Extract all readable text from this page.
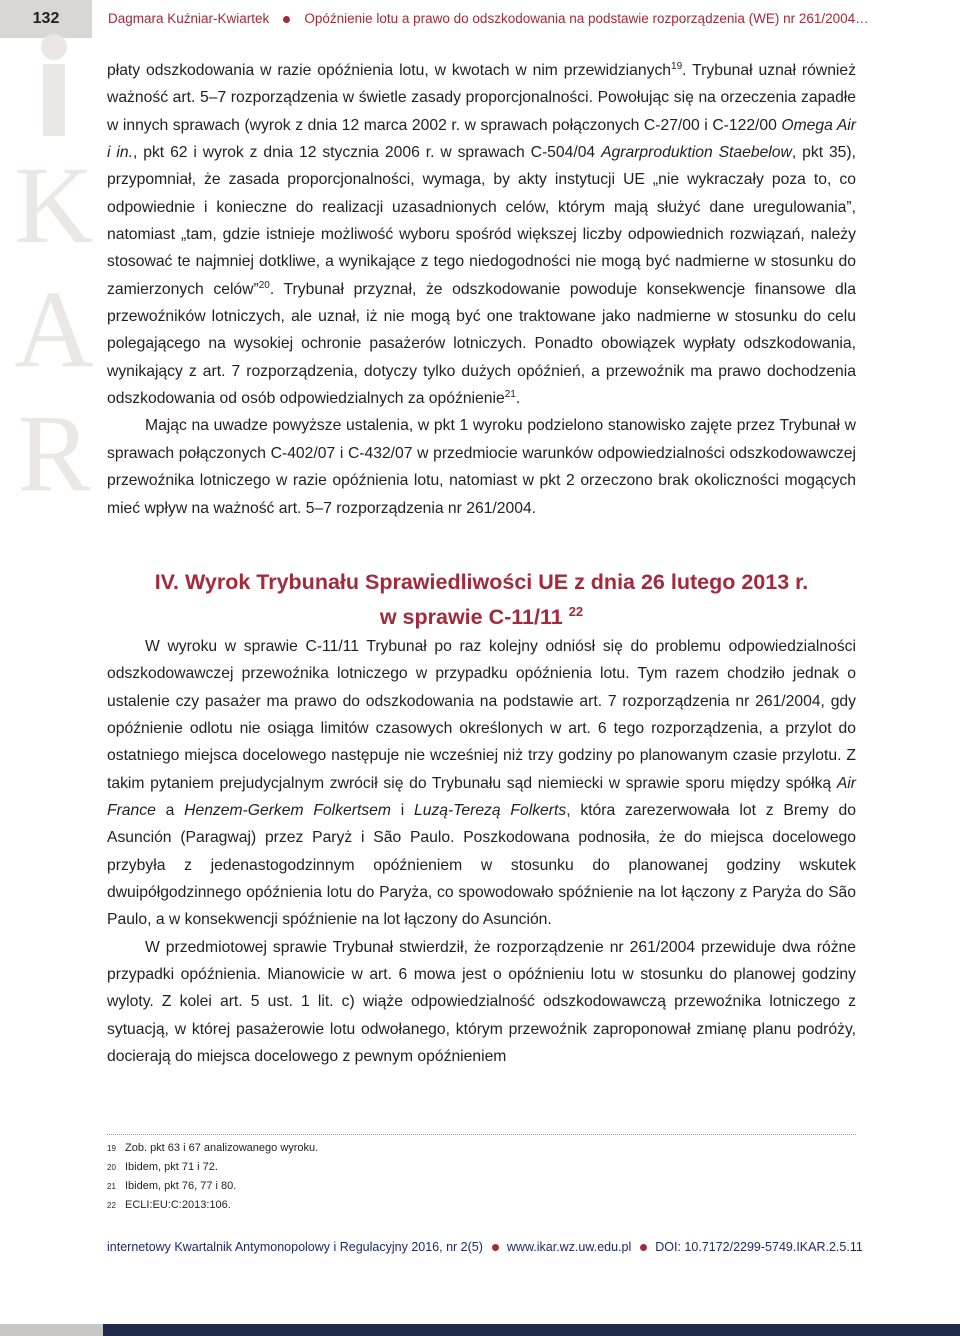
132	Dagmara Kuźniar-Kwiartek	Opóźnienie lotu a prawo do odszkodowania na podstawie rozporządzenia (WE) nr 261/2004…
K
A
R

płaty odszkodowania w razie opóźnienia lotu, w kwotach w nim przewidzianych$^{19}$. Trybunał uznał również ważność art. 5–7 rozporządzenia w świetle zasady proporcjonalności. Powołując się na orzeczenia zapadłe w innych sprawach (wyrok z dnia 12 marca 2002 r. w sprawach połączonych C-27/00 i C-122/00 Omega Air i in., pkt 62 i wyrok z dnia 12 stycznia 2006 r. w sprawach C-504/04 Agrarproduktion Staebelow, pkt 35), przypomniał, że zasada proporcjonalności, wymaga, by akty instytucji UE „nie wykraczały poza to, co odpowiednie i konieczne do realizacji uzasadnionych celów, którym mają służyć dane uregulowania”, natomiast „tam, gdzie istnieje możliwość wyboru spośród większej liczby odpowiednich rozwiązań, należy stosować te najmniej dotkliwe, a wynikające z tego niedogodności nie mogą być nadmierne w stosunku do zamierzonych celów”$^{20}$. Trybunał przyznał, że odszkodowanie powoduje konsekwencje finansowe dla przewoźników lotniczych, ale uznał, iż nie mogą być one traktowane jako nadmierne w stosunku do celu polegającego na wysokiej ochronie pasażerów lotniczych. Ponadto obowiązek wypłaty odszkodowania, wynikający z art. 7 rozporządzenia, dotyczy tylko dużych opóźnień, a przewoźnik ma prawo dochodzenia odszkodowania od osób odpowiedzialnych za opóźnienie$^{21}$.

Mając na uwadze powyższe ustalenia, w pkt 1 wyroku podzielono stanowisko zajęte przez Trybunał w sprawach połączonych C-402/07 i C-432/07 w przedmiocie warunków odpowiedzialności odszkodowawczej przewoźnika lotniczego w razie opóźnienia lotu, natomiast w pkt 2 orzeczono brak okoliczności mogących mieć wpływ na ważność art. 5–7 rozporządzenia nr 261/2004.

IV. Wyrok Trybunału Sprawiedliwości UE z dnia 26 lutego 2013 r.
w sprawie C-11/11 $^{22}$

W wyroku w sprawie C-11/11 Trybunał po raz kolejny odniósł się do problemu odpowiedzialności odszkodowawczej przewoźnika lotniczego w przypadku opóźnienia lotu. Tym razem chodziło jednak o ustalenie czy pasażer ma prawo do odszkodowania na podstawie art. 7 rozporządzenia nr 261/2004, gdy opóźnienie odlotu nie osiąga limitów czasowych określonych w art. 6 tego rozporządzenia, a przylot do ostatniego miejsca docelowego następuje nie wcześniej niż trzy godziny po planowanym czasie przylotu. Z takim pytaniem prejudycjalnym zwrócił się do Trybunału sąd niemiecki w sprawie sporu między spółką Air France a Henzem-Gerkem Folkertsem i Luzą-Terezą Folkerts, która zarezerwowała lot z Bremy do Asunción (Paragwaj) przez Paryż i São Paulo. Poszkodowana podnosiła, że do miejsca docelowego przybyła z jedenastogodzinnym opóźnieniem w stosunku do planowanej godziny wskutek dwuipółgodzinnego opóźnienia lotu do Paryża, co spowodowało spóźnienie na lot łączony z Paryża do São Paulo, a w konsekwencji spóźnienie na lot łączony do Asunción.

W przedmiotowej sprawie Trybunał stwierdził, że rozporządzenie nr 261/2004 przewiduje dwa różne przypadki opóźnienia. Mianowicie w art. 6 mowa jest o opóźnieniu lotu w stosunku do planowej godziny wyloty. Z kolei art. 5 ust. 1 lit. c) wiąże odpowiedzialność odszkodowawczą przewoźnika lotniczego z sytuacją, w której pasażerowie lotu odwołanego, którym przewoźnik zaproponował zmianę planu podróży, docierają do miejsca docelowego z pewnym opóźnieniem

19 Zob. pkt 63 i 67 analizowanego wyroku.
20 Ibidem, pkt 71 i 72.
21 Ibidem, pkt 76, 77 i 80.
22 ECLI:EU:C:2013:106.
internetowy Kwartalnik Antymonopolowy i Regulacyjny 2016, nr 2(5) www.ikar.wz.uw.edu.pl DOI: 10.7172/2299-5749.IKAR.2.5.11
